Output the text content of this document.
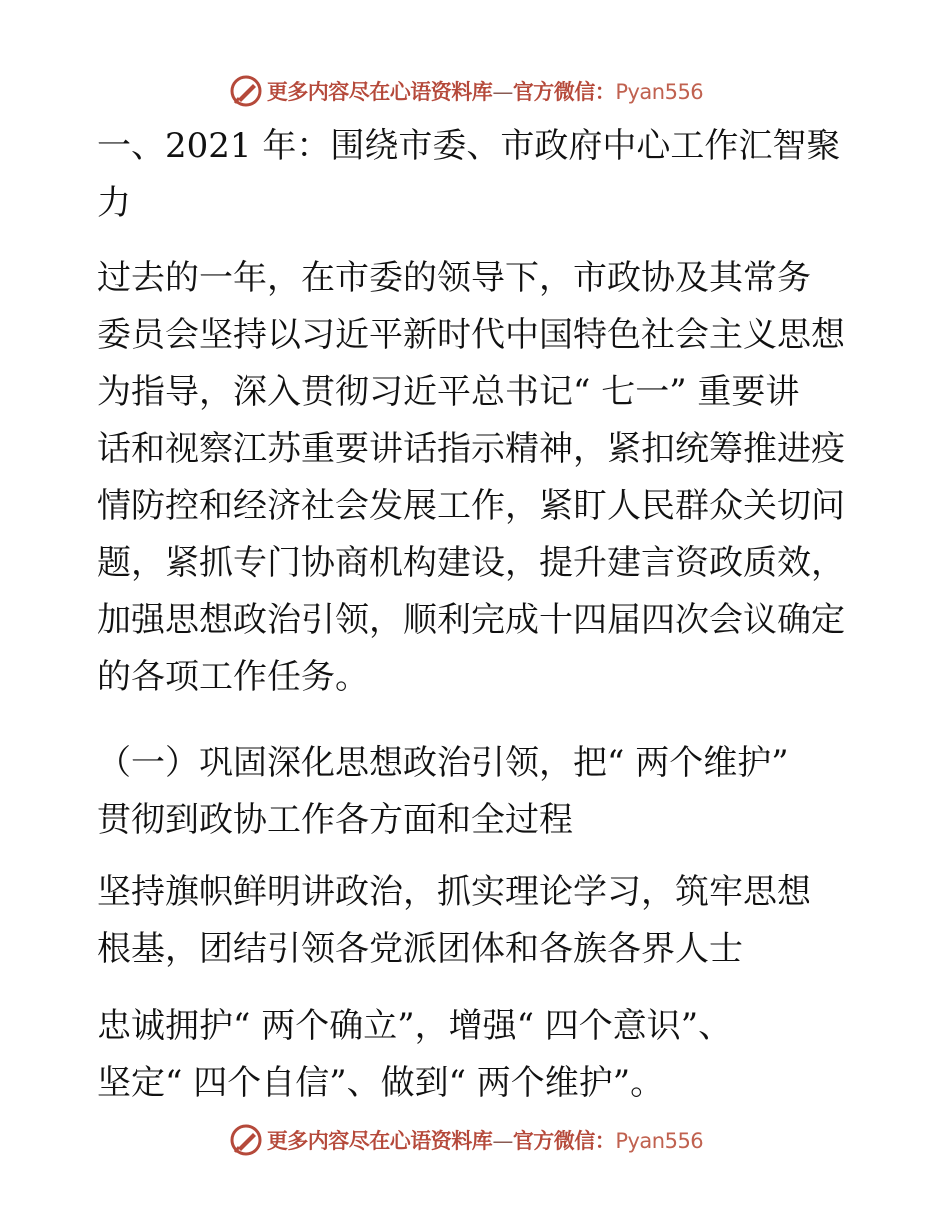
更多内容尽在心语资料库—官方微信：Pyan556
一、2021 年：围绕市委、市政府中心工作汇智聚
力
过去的一年，在市委的领导下，市政协及其常务
委员会坚持以习近平新时代中国特色社会主义思想
为指导，深入贯彻习近平总书记“ 七一” 重要讲
话和视察江苏重要讲话指示精神，紧扣统筹推进疫
情防控和经济社会发展工作，紧盯人民群众关切问
题，紧抓专门协商机构建设，提升建言资政质效，
加强思想政治引领，顺利完成十四届四次会议确定
的各项工作任务。
（一）巩固深化思想政治引领，把“ 两个维护”
贯彻到政协工作各方面和全过程
坚持旗帜鲜明讲政治，抓实理论学习，筑牢思想
根基，团结引领各党派团体和各族各界人士
忠诚拥护“ 两个确立”，增强“ 四个意识”、
坚定“ 四个自信”、做到“ 两个维护”。
更多内容尽在心语资料库—官方微信：Pyan556
